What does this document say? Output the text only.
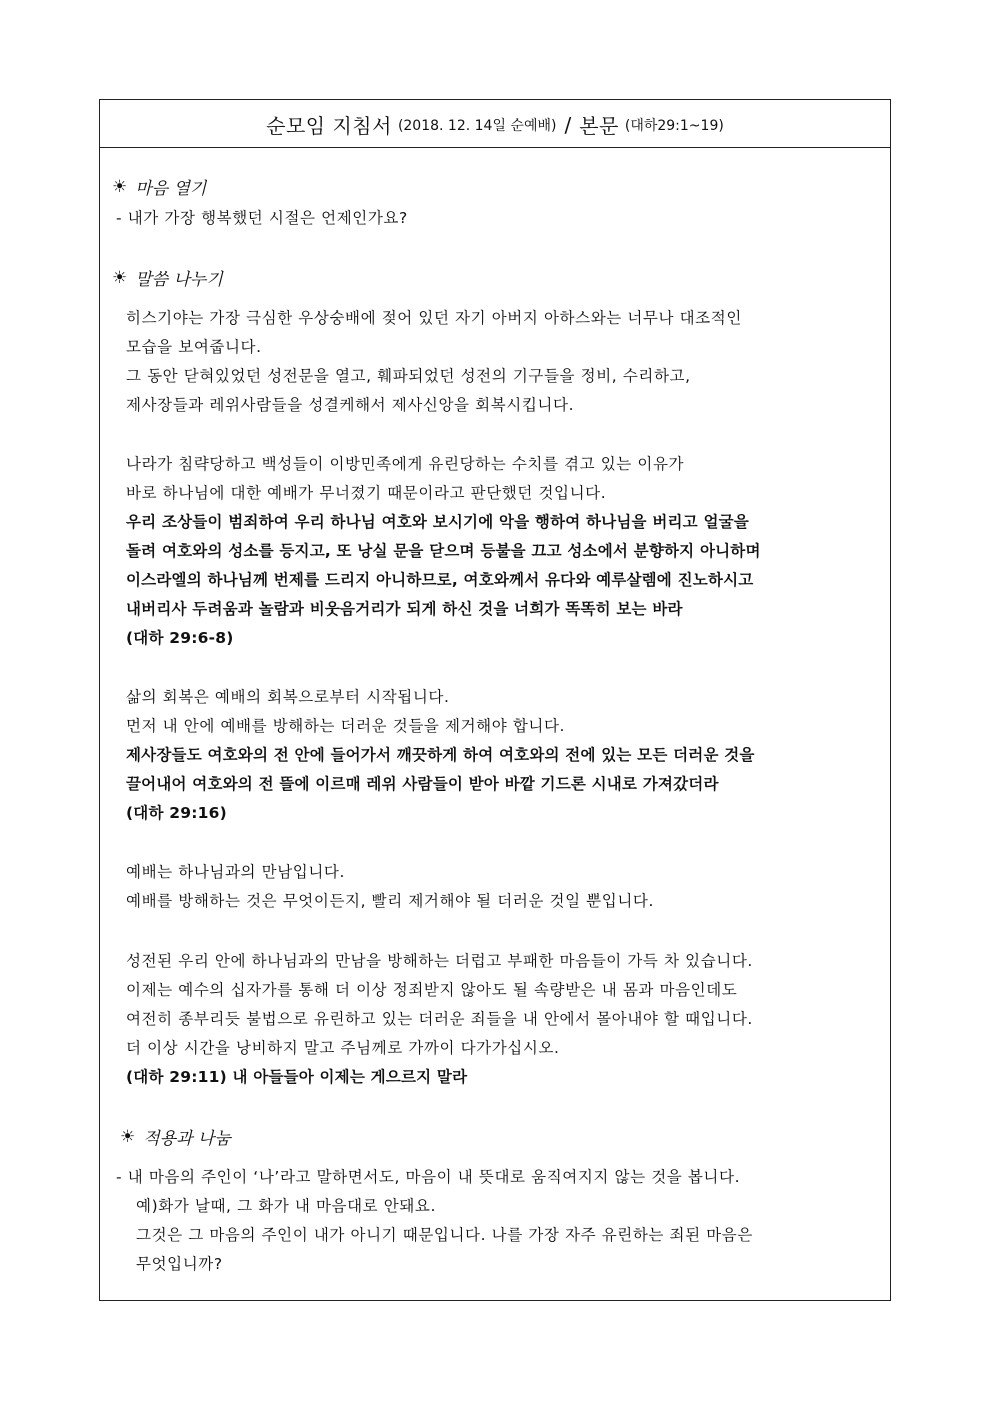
순모임 지침서 (2018. 12. 14일 순예배) / 본문 (대하29:1~19)
☀ 마음 열기
- 내가 가장 행복했던 시절은 언제인가요?
☀ 말씀 나누기
히스기야는 가장 극심한 우상숭배에 젖어 있던 자기 아버지 아하스와는 너무나 대조적인
모습을 보여줍니다.
그 동안 닫혀있었던 성전문을 열고, 훼파되었던 성전의 기구들을 정비, 수리하고,
제사장들과 레위사람들을 성결케해서 제사신앙을 회복시킵니다.
나라가 침략당하고 백성들이 이방민족에게 유린당하는 수치를 겪고 있는 이유가
바로 하나님에 대한 예배가 무너졌기 때문이라고 판단했던 것입니다.
우리 조상들이 범죄하여 우리 하나님 여호와 보시기에 악을 행하여 하나님을 버리고 얼굴을
돌려 여호와의 성소를 등지고, 또 낭실 문을 닫으며 등불을 끄고 성소에서 분향하지 아니하며
이스라엘의 하나님께 번제를 드리지 아니하므로, 여호와께서 유다와 예루살렘에 진노하시고
내버리사 두려움과 놀람과 비웃음거리가 되게 하신 것을 너희가 똑똑히 보는 바라
(대하 29:6-8)
삶의 회복은 예배의 회복으로부터 시작됩니다.
먼저 내 안에 예배를 방해하는 더러운 것들을 제거해야 합니다.
제사장들도 여호와의 전 안에 들어가서 깨끗하게 하여 여호와의 전에 있는 모든 더러운 것을
끌어내어 여호와의 전 뜰에 이르매 레위 사람들이 받아 바깥 기드론 시내로 가져갔더라
(대하 29:16)
예배는 하나님과의 만남입니다.
예배를 방해하는 것은 무엇이든지, 빨리 제거해야 될 더러운 것일 뿐입니다.
성전된 우리 안에 하나님과의 만남을 방해하는 더럽고 부패한 마음들이 가득 차 있습니다.
이제는 예수의 십자가를 통해 더 이상 정죄받지 않아도 될 속량받은 내 몸과 마음인데도
여전히 종부리듯 불법으로 유린하고 있는 더러운 죄들을 내 안에서 몰아내야 할 때입니다.
더 이상 시간을 낭비하지 말고 주님께로 가까이 다가가십시오.
(대하 29:11) 내 아들들아 이제는 게으르지 말라
☀ 적용과 나눔
- 내 마음의 주인이 ‘나’라고 말하면서도, 마음이 내 뜻대로 움직여지지 않는 것을 봅니다.
예)화가 날때, 그 화가 내 마음대로 안돼요.
그것은 그 마음의 주인이 내가 아니기 때문입니다. 나를 가장 자주 유린하는 죄된 마음은
무엇입니까?
